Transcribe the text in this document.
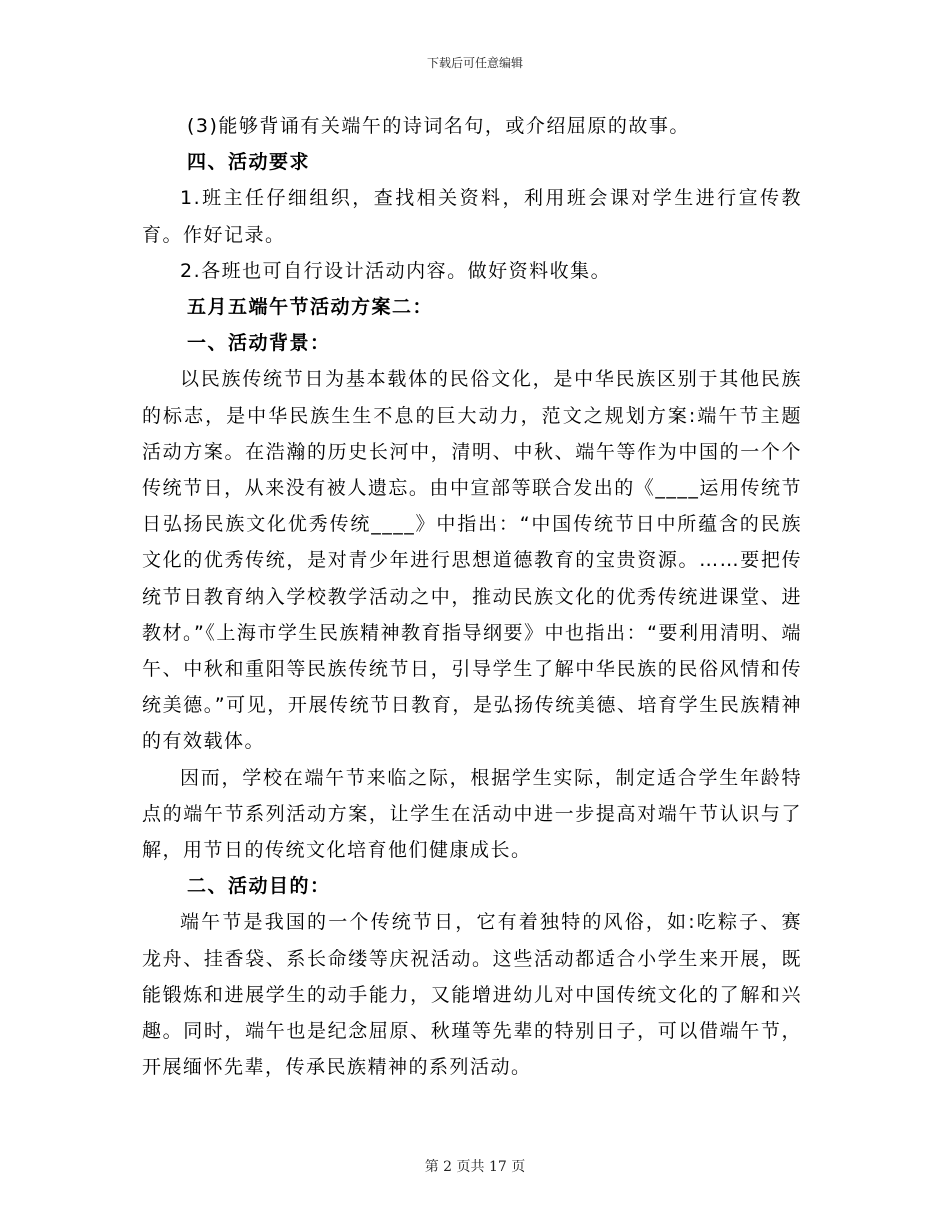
下载后可任意编辑

(3)能够背诵有关端午的诗词名句，或介绍屈原的故事。

四、活动要求

1.班主任仔细组织，查找相关资料，利用班会课对学生进行宣传教育。作好记录。

2.各班也可自行设计活动内容。做好资料收集。

五月五端午节活动方案二：

一、活动背景：

以民族传统节日为基本载体的民俗文化，是中华民族区别于其他民族的标志，是中华民族生生不息的巨大动力，范文之规划方案:端午节主题活动方案。在浩瀚的历史长河中，清明、中秋、端午等作为中国的一个个传统节日，从来没有被人遗忘。由中宣部等联合发出的《____运用传统节日弘扬民族文化优秀传统____》中指出：“中国传统节日中所蕴含的民族文化的优秀传统，是对青少年进行思想道德教育的宝贵资源。……要把传统节日教育纳入学校教学活动之中，推动民族文化的优秀传统进课堂、进教材。”《上海市学生民族精神教育指导纲要》中也指出：“要利用清明、端午、中秋和重阳等民族传统节日，引导学生了解中华民族的民俗风情和传统美德。”可见，开展传统节日教育，是弘扬传统美德、培育学生民族精神的有效载体。

因而，学校在端午节来临之际，根据学生实际，制定适合学生年龄特点的端午节系列活动方案，让学生在活动中进一步提高对端午节认识与了解，用节日的传统文化培育他们健康成长。

二、活动目的：

端午节是我国的一个传统节日，它有着独特的风俗，如:吃粽子、赛龙舟、挂香袋、系长命缕等庆祝活动。这些活动都适合小学生来开展，既能锻炼和进展学生的动手能力，又能增进幼儿对中国传统文化的了解和兴趣。同时，端午也是纪念屈原、秋瑾等先辈的特别日子，可以借端午节，开展缅怀先辈，传承民族精神的系列活动。

第 2 页共 17 页
